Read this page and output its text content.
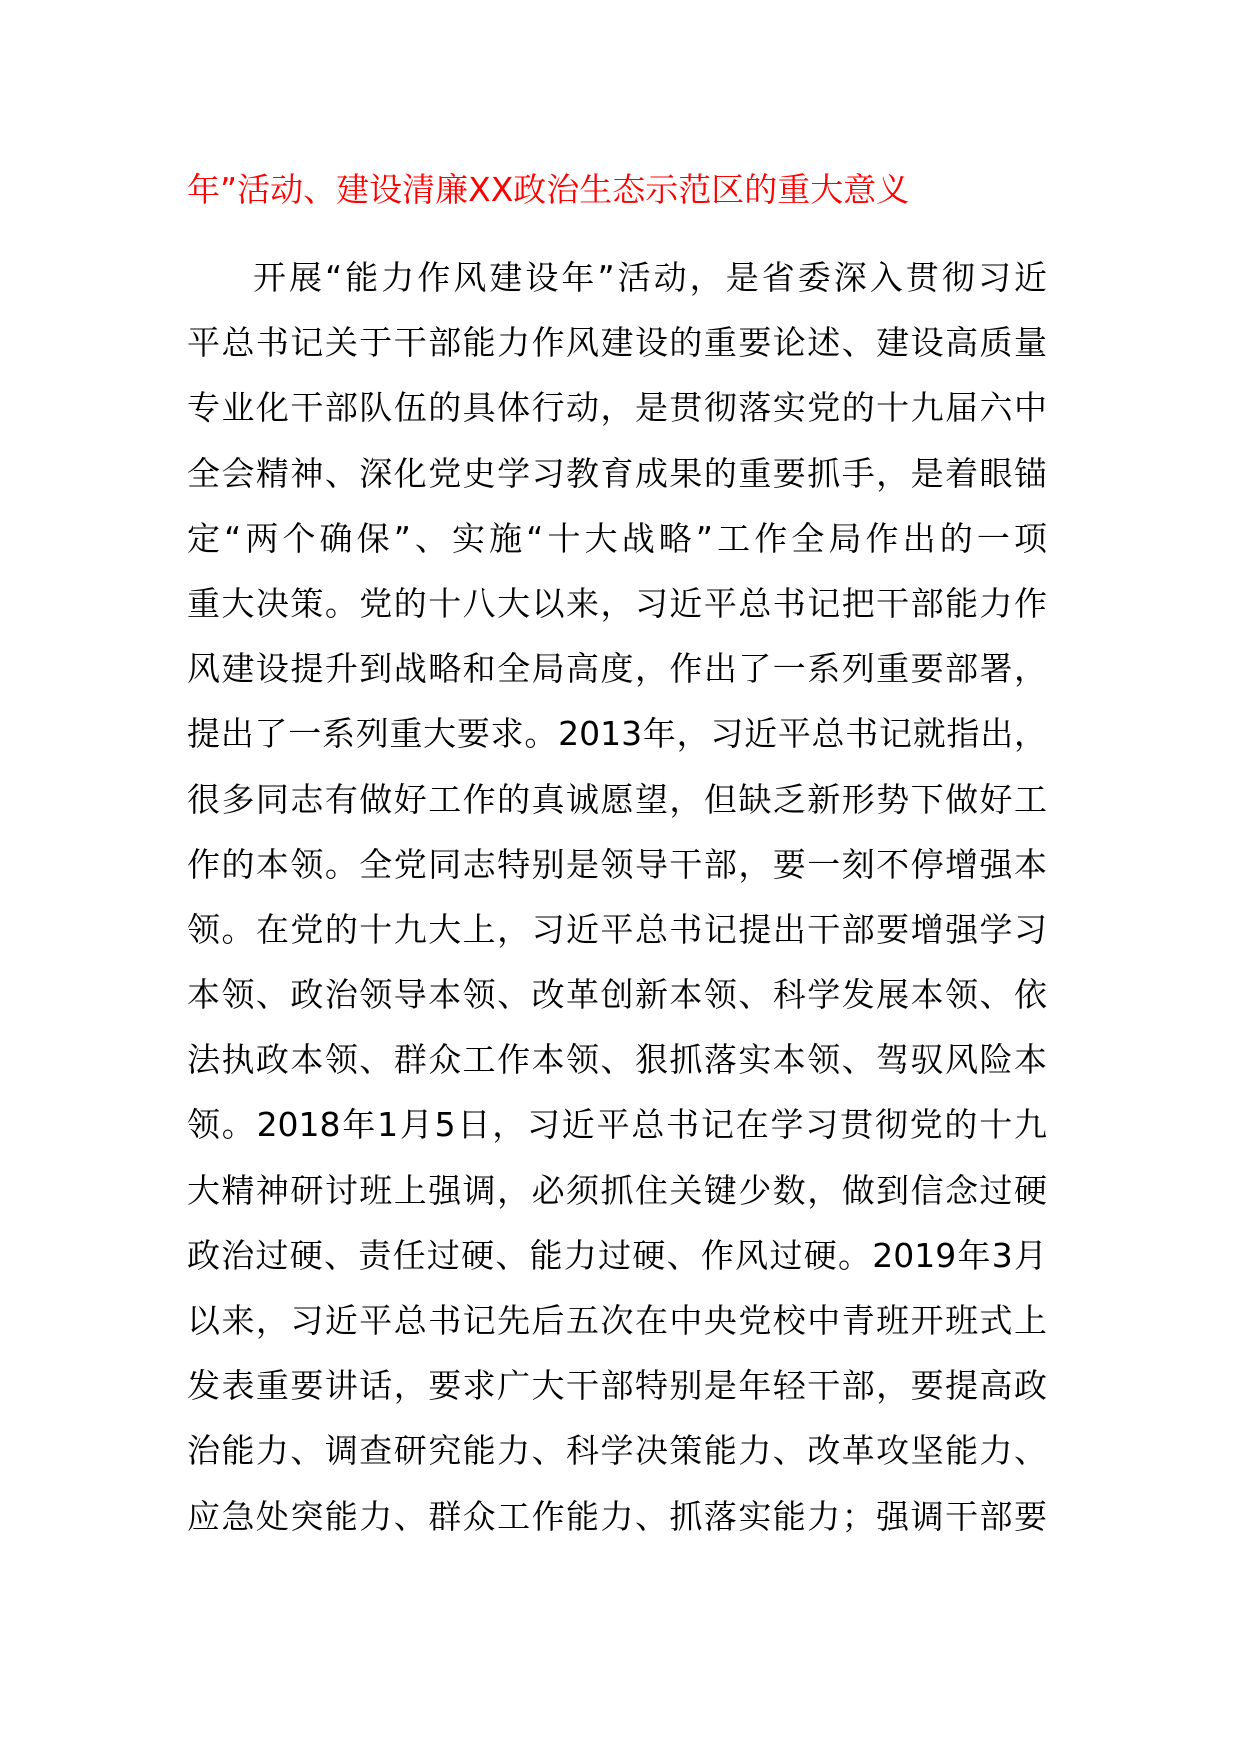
年”活动、建设清廉XX政治生态示范区的重大意义
开展“能力作风建设年”活动，是省委深入贯彻习近
平总书记关于干部能力作风建设的重要论述、建设高质量
专业化干部队伍的具体行动，是贯彻落实党的十九届六中
全会精神、深化党史学习教育成果的重要抓手，是着眼锚
定“两个确保”、实施“十大战略”工作全局作出的一项
重大决策。党的十八大以来，习近平总书记把干部能力作
风建设提升到战略和全局高度，作出了一系列重要部署，
提出了一系列重大要求。2013年，习近平总书记就指出，
很多同志有做好工作的真诚愿望，但缺乏新形势下做好工
作的本领。全党同志特别是领导干部，要一刻不停增强本
领。在党的十九大上，习近平总书记提出干部要增强学习
本领、政治领导本领、改革创新本领、科学发展本领、依
法执政本领、群众工作本领、狠抓落实本领、驾驭风险本
领。2018年1月5日，习近平总书记在学习贯彻党的十九
大精神研讨班上强调，必须抓住关键少数，做到信念过硬
政治过硬、责任过硬、能力过硬、作风过硬。2019年3月
以来，习近平总书记先后五次在中央党校中青班开班式上
发表重要讲话，要求广大干部特别是年轻干部，要提高政
治能力、调查研究能力、科学决策能力、改革攻坚能力、
应急处突能力、群众工作能力、抓落实能力；强调干部要
